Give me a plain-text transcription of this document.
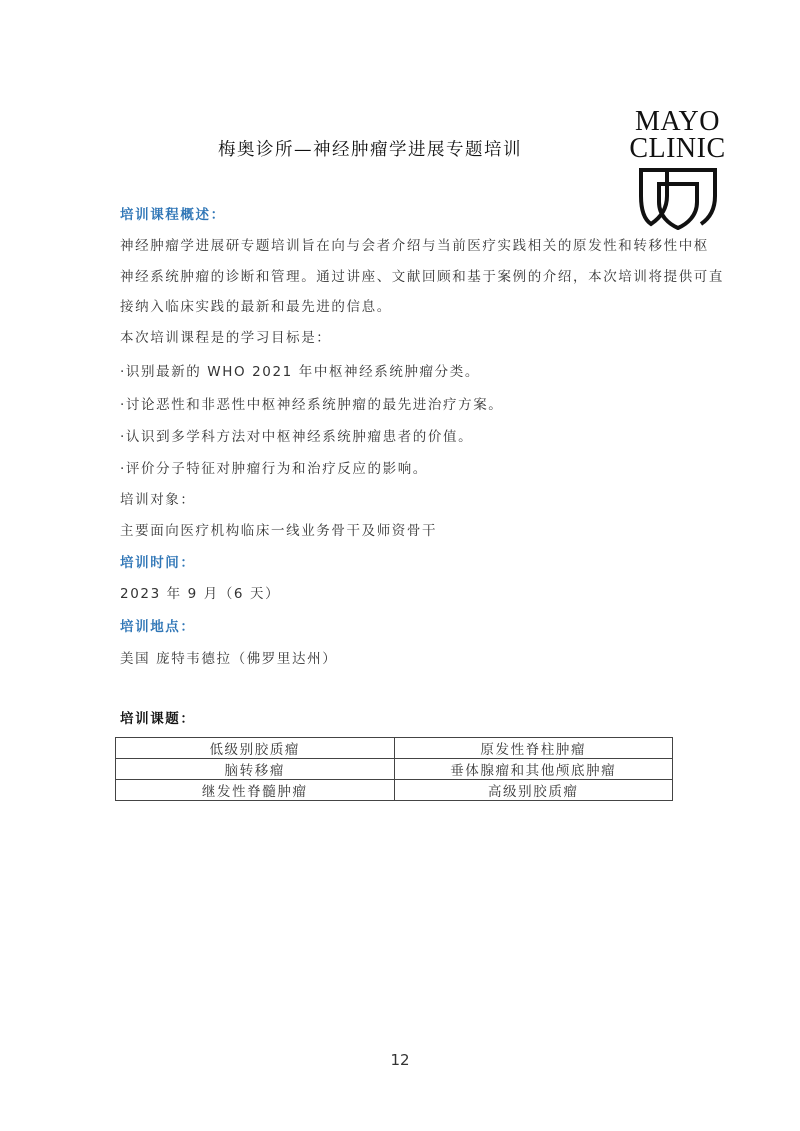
梅奥诊所—神经肿瘤学进展专题培训
MAYO
CLINIC
培训课程概述：
神经肿瘤学进展研专题培训旨在向与会者介绍与当前医疗实践相关的原发性和转移性中枢
神经系统肿瘤的诊断和管理。通过讲座、文献回顾和基于案例的介绍，本次培训将提供可直
接纳入临床实践的最新和最先进的信息。
本次培训课程是的学习目标是：
·识别最新的 WHO 2021 年中枢神经系统肿瘤分类。
·讨论恶性和非恶性中枢神经系统肿瘤的最先进治疗方案。
·认识到多学科方法对中枢神经系统肿瘤患者的价值。
·评价分子特征对肿瘤行为和治疗反应的影响。
培训对象：
主要面向医疗机构临床一线业务骨干及师资骨干
培训时间：
2023 年 9 月（6 天）
培训地点：
美国 庞特韦德拉（佛罗里达州）
培训课题：
低级别胶质瘤	原发性脊柱肿瘤
脑转移瘤	垂体腺瘤和其他颅底肿瘤
继发性脊髓肿瘤	高级别胶质瘤
12
